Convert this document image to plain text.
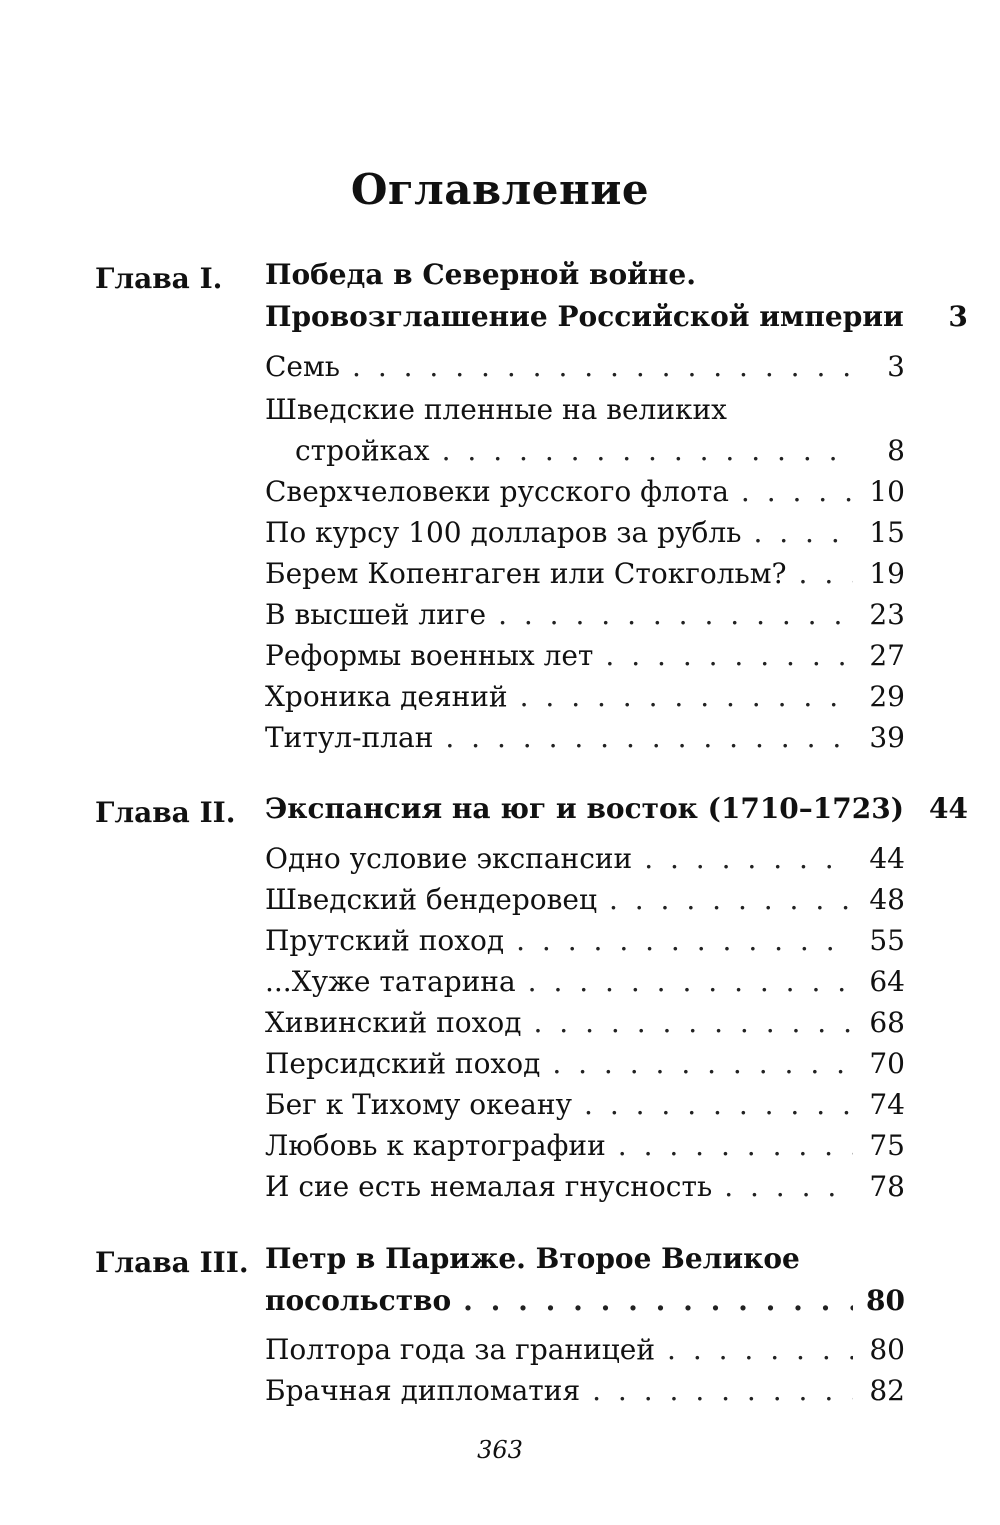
Оглавление
Глава I. Победа в Северной войне.
Провозглашение Российской империи	3
Семь . . .	3
Шведские пленные на великих
стройках . . .	8
Сверхчеловеки русского флота . . .	10
По курсу 100 долларов за рубль . . .	15
Берем Копенгаген или Стокгольм? . . .	19
В высшей лиге . . .	23
Реформы военных лет . . .	27
Хроника деяний . . .	29
Титул-план . . .	39
Глава II. Экспансия на юг и восток (1710–1723) 44
Одно условие экспансии . . .	44
Шведский бендеровец . . .	48
Прутский поход . . .	55
...Хуже татарина . . .	64
Хивинский поход . . .	68
Персидский поход . . .	70
Бег к Тихому океану . . .	74
Любовь к картографии . . .	75
И сие есть немалая гнусность . . .	78
Глава III. Петр в Париже. Второе Великое
посольство . . .	80
Полтора года за границей . . .	80
Брачная дипломатия . . .	82
363
